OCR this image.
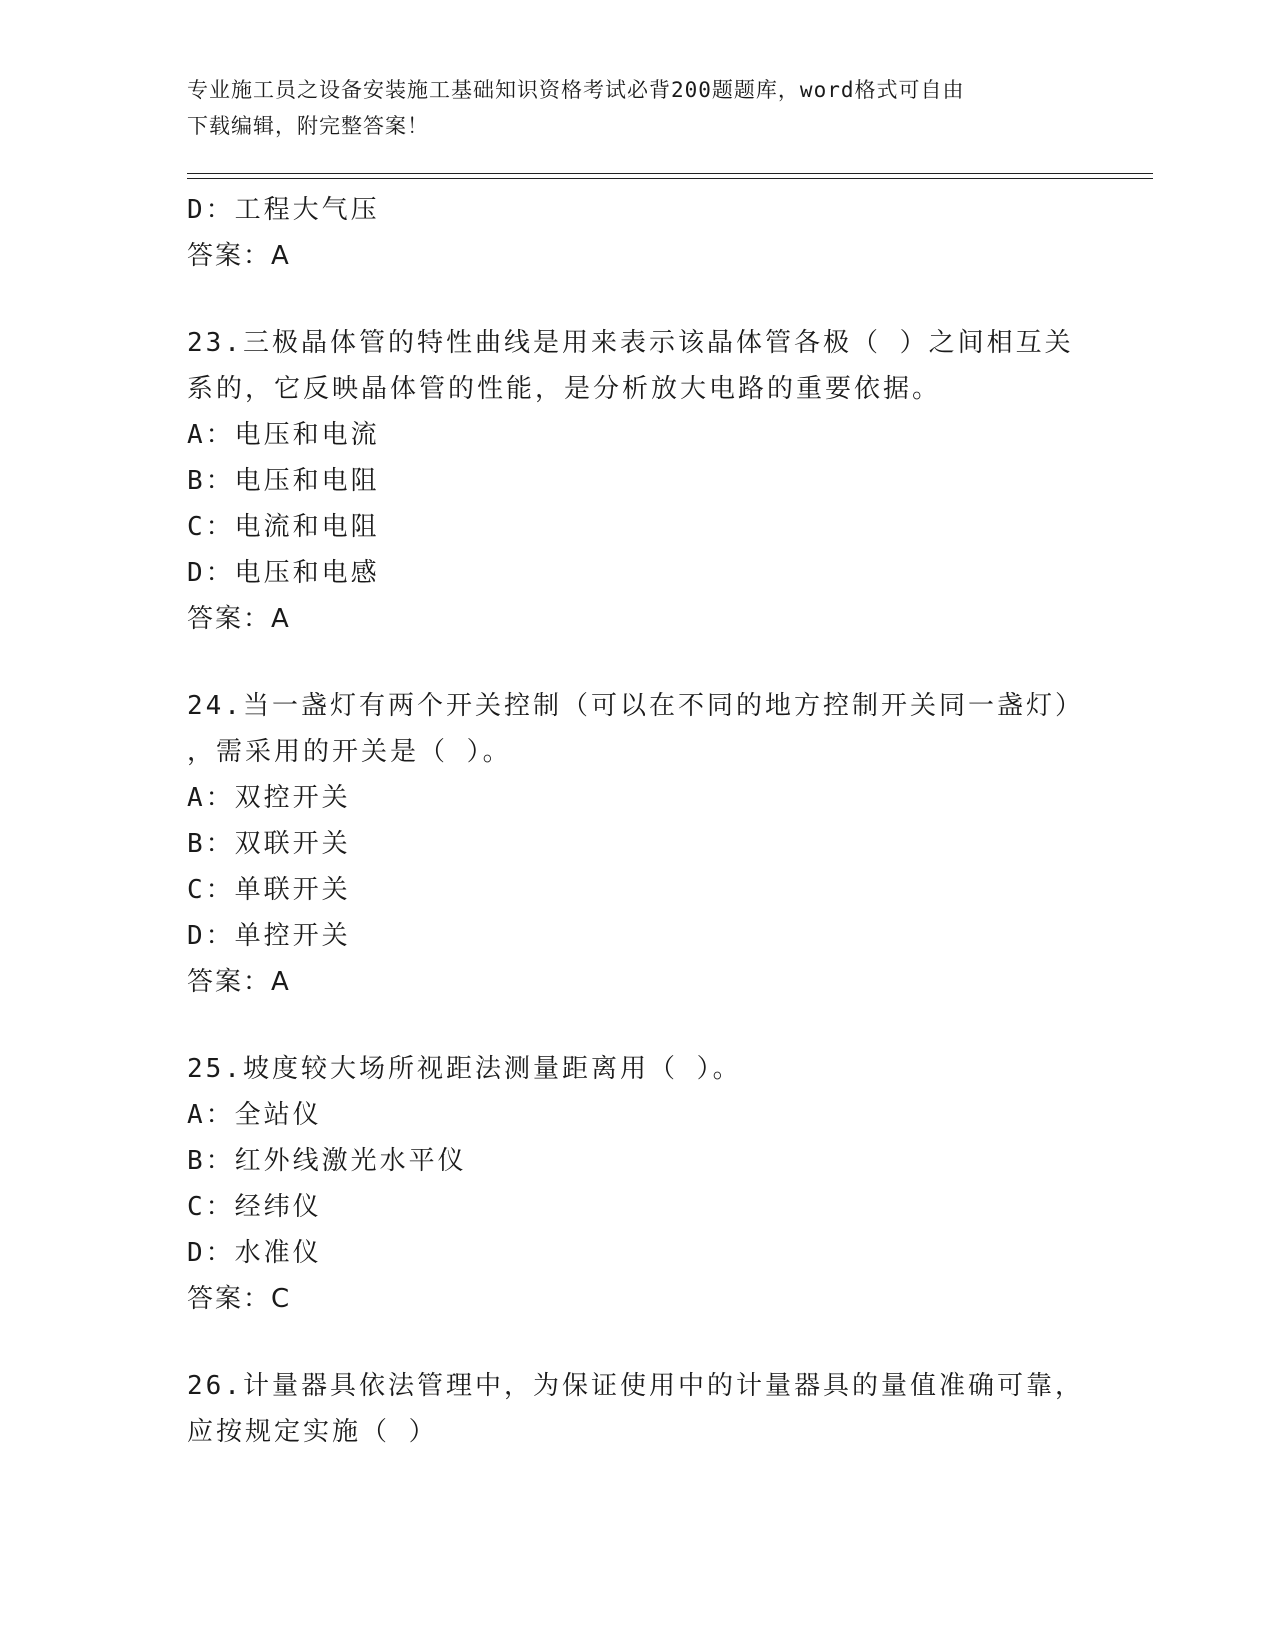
专业施工员之设备安装施工基础知识资格考试必背200题题库，word格式可自由
下载编辑，附完整答案！
D：工程大气压
答案：A
23.三极晶体管的特性曲线是用来表示该晶体管各极（ ）之间相互关
系的，它反映晶体管的性能，是分析放大电路的重要依据。
A：电压和电流
B：电压和电阻
C：电流和电阻
D：电压和电感
答案：A
24.当一盏灯有两个开关控制（可以在不同的地方控制开关同一盏灯）
，需采用的开关是（ ）。
A：双控开关
B：双联开关
C：单联开关
D：单控开关
答案：A
25.坡度较大场所视距法测量距离用（ ）。
A：全站仪
B：红外线激光水平仪
C：经纬仪
D：水准仪
答案：C
26.计量器具依法管理中，为保证使用中的计量器具的量值准确可靠，
应按规定实施（ ）
